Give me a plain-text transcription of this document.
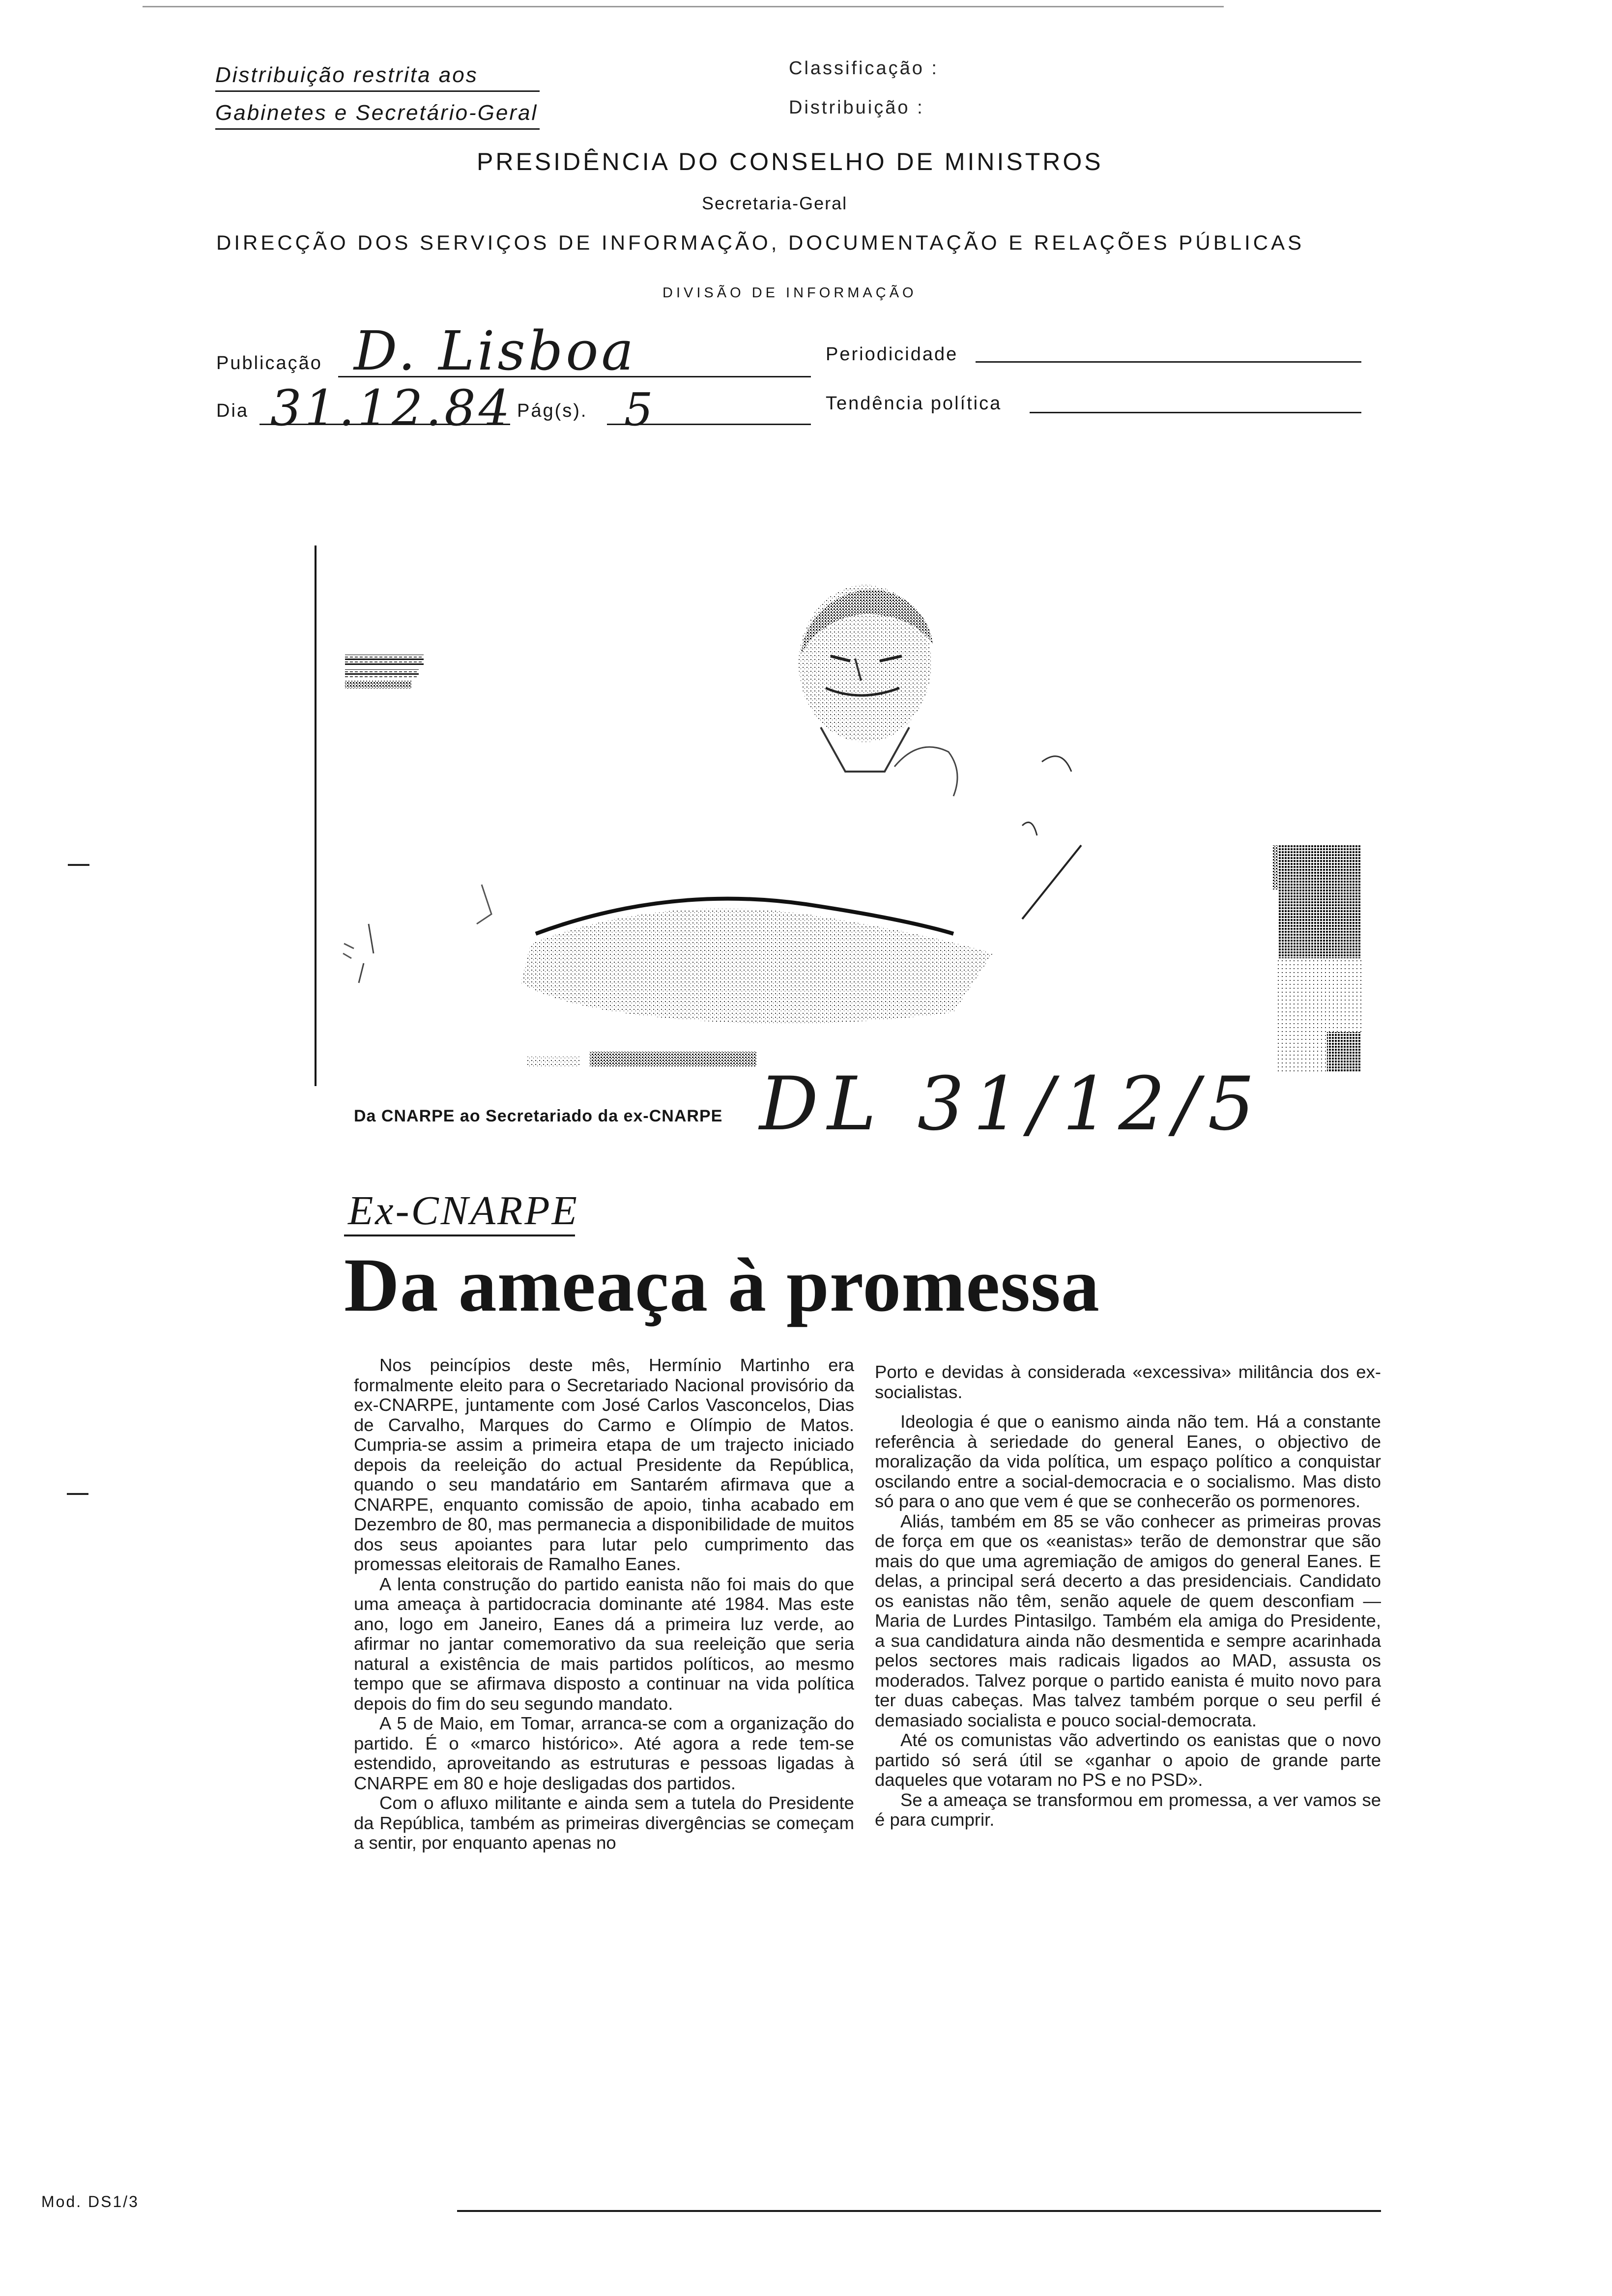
Distribuição restrita aos
Gabinetes e Secretário-Geral
Classificação :
Distribuição :
PRESIDÊNCIA DO CONSELHO DE MINISTROS
Secretaria-Geral
DIRECÇÃO DOS SERVIÇOS DE INFORMAÇÃO, DOCUMENTAÇÃO E RELAÇÕES PÚBLICAS
DIVISÃO DE INFORMAÇÃO
Publicação D. Lisboa	Periodicidade
Dia 31.12.84 Pág(s). 5	Tendência política
Da CNARPE ao Secretariado da ex-CNARPE DL 31/12/5
Ex-CNARPE
Da ameaça à promessa

Nos peincípios deste mês, Hermínio Martinho era formalmente eleito para o Secretariado Nacional provisório da ex-CNARPE, juntamente com José Carlos Vasconcelos, Dias de Carvalho, Marques do Carmo e Olímpio de Matos. Cumpria-se assim a primeira etapa de um trajecto iniciado depois da reeleição do actual Presidente da República, quando o seu mandatário em Santarém afirmava que a CNARPE, enquanto comissão de apoio, tinha acabado em Dezembro de 80, mas permanecia a disponibilidade de muitos dos seus apoiantes para lutar pelo cumprimento das promessas eleitorais de Ramalho Eanes.

A lenta construção do partido eanista não foi mais do que uma ameaça à partidocracia dominante até 1984. Mas este ano, logo em Janeiro, Eanes dá a primeira luz verde, ao afirmar no jantar comemorativo da sua reeleição que seria natural a existência de mais partidos políticos, ao mesmo tempo que se afirmava disposto a continuar na vida política depois do fim do seu segundo mandato.

A 5 de Maio, em Tomar, arranca-se com a organização do partido. É o «marco histórico». Até agora a rede tem-se estendido, aproveitando as estruturas e pessoas ligadas à CNARPE em 80 e hoje desligadas dos partidos.

Com o afluxo militante e ainda sem a tutela do Presidente da República, também as primeiras divergências se começam a sentir, por enquanto apenas no

Porto e devidas à considerada «excessiva» militância dos ex-socialistas.

Ideologia é que o eanismo ainda não tem. Há a constante referência à seriedade do general Eanes, o objectivo de moralização da vida política, um espaço político a conquistar oscilando entre a social-democracia e o socialismo. Mas disto só para o ano que vem é que se conhecerão os pormenores.

Aliás, também em 85 se vão conhecer as primeiras provas de força em que os «eanistas» terão de demonstrar que são mais do que uma agremiação de amigos do general Eanes. E delas, a principal será decerto a das presidenciais. Candidato os eanistas não têm, senão aquele de quem desconfiam — Maria de Lurdes Pintasilgo. Também ela amiga do Presidente, a sua candidatura ainda não desmentida e sempre acarinhada pelos sectores mais radicais ligados ao MAD, assusta os moderados. Talvez porque o partido eanista é muito novo para ter duas cabeças. Mas talvez também porque o seu perfil é demasiado socialista e pouco social-democrata.

Até os comunistas vão advertindo os eanistas que o novo partido só será útil se «ganhar o apoio de grande parte daqueles que votaram no PS e no PSD».

Se a ameaça se transformou em promessa, a ver vamos se é para cumprir.

Mod. DS1/3
